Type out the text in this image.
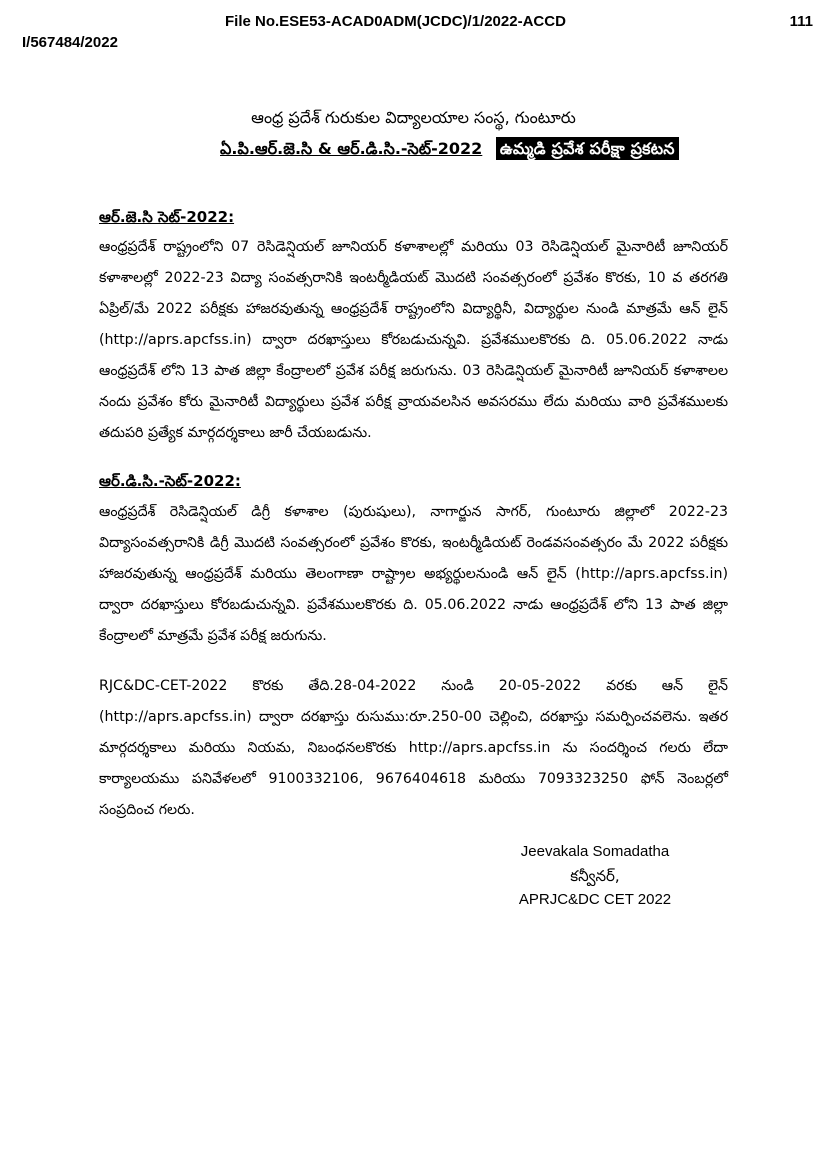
File No.ESE53-ACAD0ADM(JCDC)/1/2022-ACCD	111
I/567484/2022
ఆంధ్ర ప్రదేశ్ గురుకుల విద్యాలయాల సంస్థ, గుంటూరు
ఏ.పి.ఆర్.జె.సి & ఆర్.డి.సి.-సెట్-2022 ఉమ్మడి ప్రవేశ పరీక్షా ప్రకటన
ఆర్.జె.సి సెట్-2022:
ఆంధ్రప్రదేశ్ రాష్ట్రంలోని 07 రెసిడెన్షియల్ జూనియర్ కళాశాలల్లో మరియు 03 రెసిడెన్షియల్ మైనారిటీ జూనియర్ కళాశాలల్లో 2022-23 విద్యా సంవత్సరానికి ఇంటర్మీడియట్ మొదటి సంవత్సరంలో ప్రవేశం కొరకు, 10 వ తరగతి ఏప్రిల్/మే 2022 పరీక్షకు హాజరవుతున్న ఆంధ్రప్రదేశ్ రాష్ట్రంలోని విద్యార్థినీ, విద్యార్థుల నుండి మాత్రమే ఆన్ లైన్ (http://aprs.apcfss.in) ద్వారా దరఖాస్తులు కోరబడుచున్నవి. ప్రవేశములకొరకు ది. 05.06.2022 నాడు ఆంధ్రప్రదేశ్ లోని 13 పాత జిల్లా కేంద్రాలలో ప్రవేశ పరీక్ష జరుగును. 03 రెసిడెన్షియల్ మైనారిటీ జూనియర్ కళాశాలల నందు ప్రవేశం కోరు మైనారిటీ విద్యార్థులు ప్రవేశ పరీక్ష వ్రాయవలసిన అవసరము లేదు మరియు వారి ప్రవేశములకు తదుపరి ప్రత్యేక మార్గదర్శకాలు జారీ చేయబడును.
ఆర్.డి.సి.-సెట్-2022:
ఆంధ్రప్రదేశ్ రెసిడెన్షియల్ డిగ్రీ కళాశాల (పురుషులు), నాగార్జున సాగర్, గుంటూరు జిల్లాలో 2022-23 విద్యాసంవత్సరానికి డిగ్రీ మొదటి సంవత్సరంలో ప్రవేశం కొరకు, ఇంటర్మీడియట్ రెండవసంవత్సరం మే 2022 పరీక్షకు హాజరవుతున్న ఆంధ్రప్రదేశ్ మరియు తెలంగాణా రాష్ట్రాల అభ్యర్థులనుండి ఆన్ లైన్ (http://aprs.apcfss.in) ద్వారా దరఖాస్తులు కోరబడుచున్నవి. ప్రవేశములకొరకు ది. 05.06.2022 నాడు ఆంధ్రప్రదేశ్ లోని 13 పాత జిల్లా కేంద్రాలలో మాత్రమే ప్రవేశ పరీక్ష జరుగును.
RJC&DC-CET-2022 కొరకు తేది.28-04-2022 నుండి 20-05-2022 వరకు ఆన్ లైన్ (http://aprs.apcfss.in) ద్వారా దరఖాస్తు రుసుము:రూ.250-00 చెల్లించి, దరఖాస్తు సమర్పించవలెను. ఇతర మార్గదర్శకాలు మరియు నియమ, నిబంధనలకొరకు http://aprs.apcfss.in ను సందర్శించ గలరు లేదా కార్యాలయము పనివేళలలో 9100332106, 9676404618 మరియు 7093323250 ఫోన్ నెంబర్లలో సంప్రదించ గలరు.
Jeevakala Somadatha
కన్వీనర్,
APRJC&DC CET 2022
